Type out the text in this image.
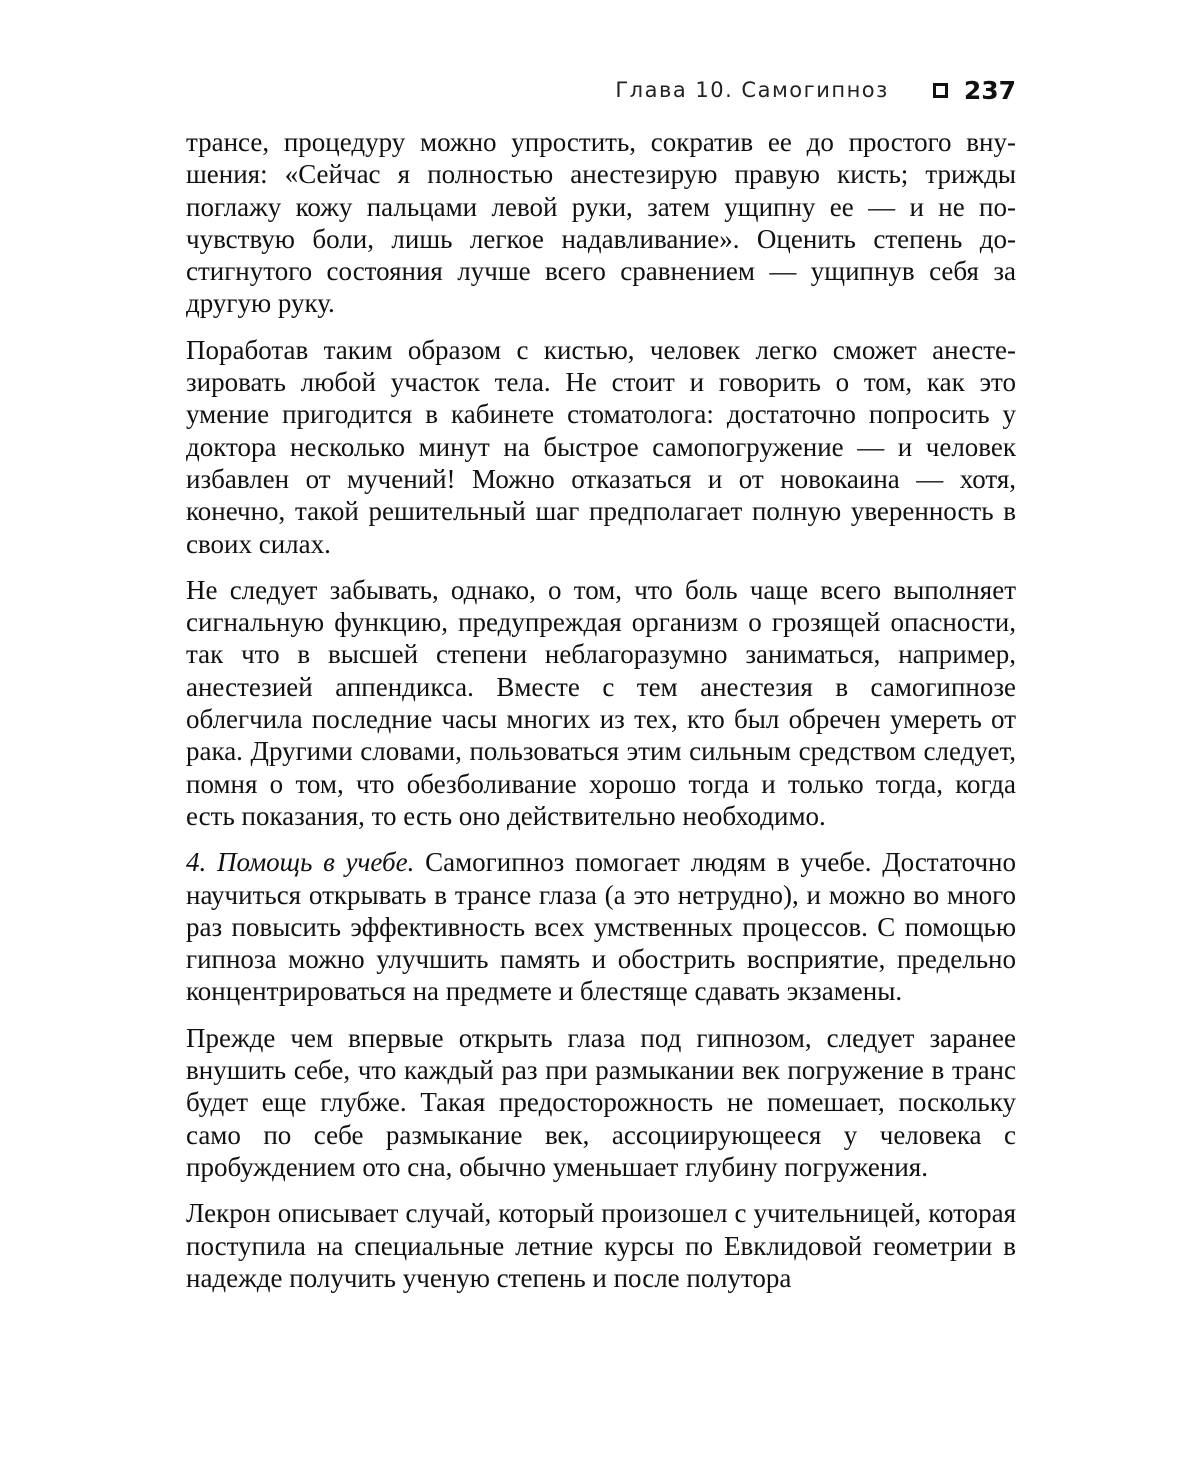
Глава 10. Самогипноз	237

трансе, процедуру можно упростить, сократив ее до простого вну­шения: «Сейчас я полностью анестезирую правую кисть; трижды поглажу кожу пальцами левой руки, затем ущипну ее — и не по­чувствую боли, лишь легкое надавливание». Оценить степень до­стигнутого состояния лучше всего сравнением — ущипнув себя за другую руку.

Поработав таким образом с кистью, человек легко сможет анесте­зировать любой участок тела. Не стоит и говорить о том, как это умение пригодится в кабинете стоматолога: достаточно попро­сить у доктора несколько минут на быстрое самопогружение — и человек избавлен от мучений! Можно отказаться и от новокаи­на — хотя, конечно, такой решительный шаг предполагает пол­ную уверенность в своих силах.

Не следует забывать, однако, о том, что боль чаще всего выпол­няет сигнальную функцию, предупреждая организм о грозящей опасности, так что в высшей степени неблагоразумно заниматься, например, анестезией аппендикса. Вместе с тем анестезия в само­гипнозе облегчила последние часы многих из тех, кто был обречен умереть от рака. Другими словами, пользоваться этим сильным средством следует, помня о том, что обезболивание хорошо тогда и только тогда, когда есть показания, то есть оно действительно необходимо.

4. Помощь в учебе. Самогипноз помогает людям в учебе. Достаточно научиться открывать в трансе глаза (а это нетрудно), и можно во много раз повысить эффективность всех умственных процессов. С помощью гипноза можно улучшить память и обострить воспри­ятие, предельно концентрироваться на предмете и блестяще сда­вать экзамены.

Прежде чем впервые открыть глаза под гипнозом, следует заранее внушить себе, что каждый раз при размыкании век погружение в транс будет еще глубже. Такая предосторожность не помешает, поскольку само по себе размыкание век, ассоциирующееся у чело­века с пробуждением ото сна, обычно уменьшает глубину погру­жения.

Лекрон описывает случай, который произошел с учительницей, которая поступила на специальные летние курсы по Евклидовой геометрии в надежде получить ученую степень и после полутора
